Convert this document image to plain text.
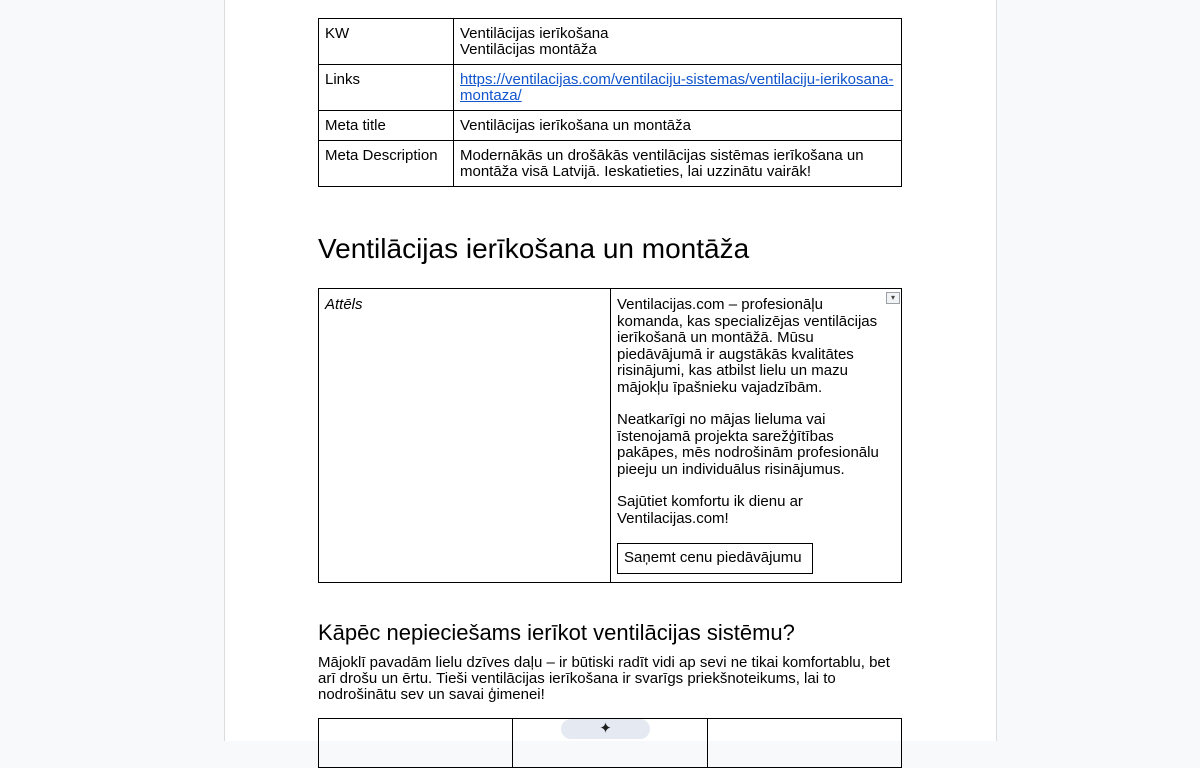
KW	Ventilācijas ierīkošana
Ventilācijas montāža

Links	https://ventilacijas.com/ventilaciju-sistemas/ventilaciju-ierikosana-montaza/
Meta title	Ventilācijas ierīkošana un montāža
Meta Description	Modernākās un drošākās ventilācijas sistēmas ierīkošana un montāža visā Latvijā. Ieskatieties, lai uzzinātu vairāk!
Ventilācijas ierīkošana un montāža
Attēls	▾

Ventilacijas.com – profesionāļu komanda, kas specializējas ventilācijas ierīkošanā un montāžā. Mūsu piedāvājumā ir augstākās kvalitātes risinājumi, kas atbilst lielu un mazu mājokļu īpašnieku vajadzībām.

Neatkarīgi no mājas lieluma vai īstenojamā projekta sarežģītības pakāpes, mēs nodrošinām profesionālu pieeju un individuālus risinājumus.

Sajūtiet komfortu ik dienu ar Ventilacijas.com!

Saņemt cenu piedāvājumu
Kāpēc nepieciešams ierīkot ventilācijas sistēmu?

Mājoklī pavadām lielu dzīves daļu – ir būtiski radīt vidi ap sevi ne tikai komfortablu, bet arī drošu un ērtu. Tieši ventilācijas ierīkošana ir svarīgs priekšnoteikums, lai to nodrošinātu sev un savai ģimenei!

✦
